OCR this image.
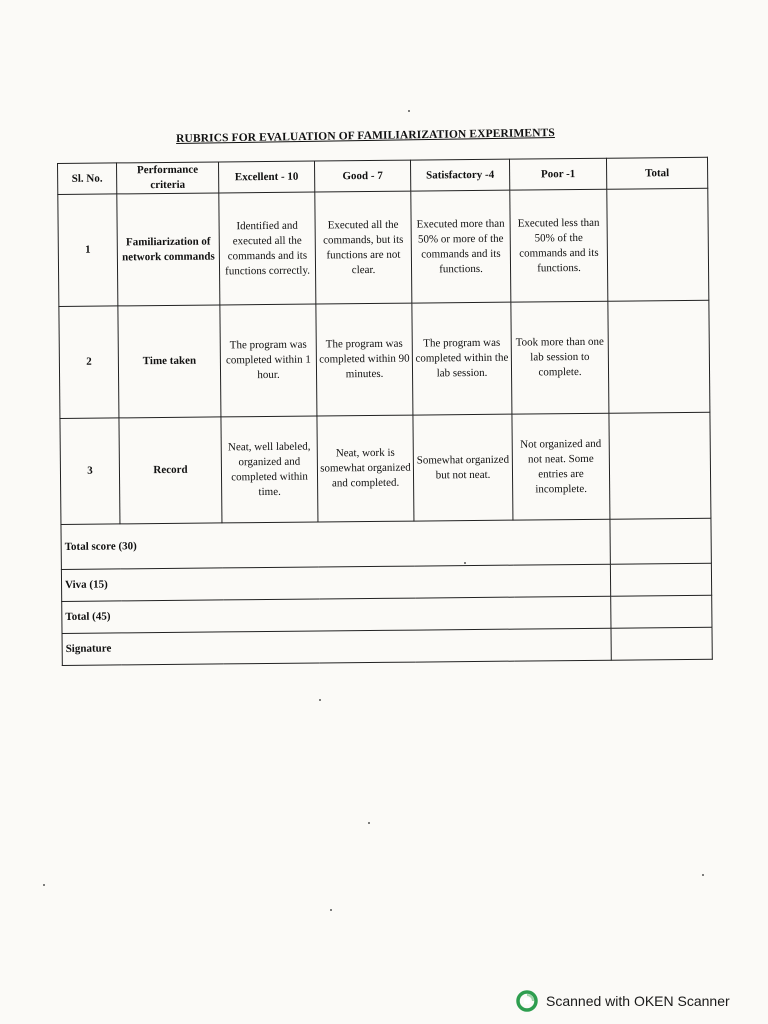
RUBRICS FOR EVALUATION OF FAMILIARIZATION EXPERIMENTS
Sl. No.	Performance criteria	Excellent - 10	Good - 7	Satisfactory -4	Poor -1	Total
1	Familiarization of network commands	Identified and executed all the commands and its functions correctly.	Executed all the commands, but its functions are not clear.	Executed more than 50% or more of the commands and its functions.	Executed less than 50% of the commands and its functions.	
2	Time taken	The program was completed within 1 hour.	The program was completed within 90 minutes.	The program was completed within the lab session.	Took more than one lab session to complete.	
3	Record	Neat, well labeled, organized and completed within time.	Neat, work is somewhat organized and completed.	Somewhat organized but not neat.	Not organized and not neat. Some entries are incomplete.	
Total score (30)						
Viva (15)						
Total (45)						
Signature						
Scanned with OKEN Scanner
